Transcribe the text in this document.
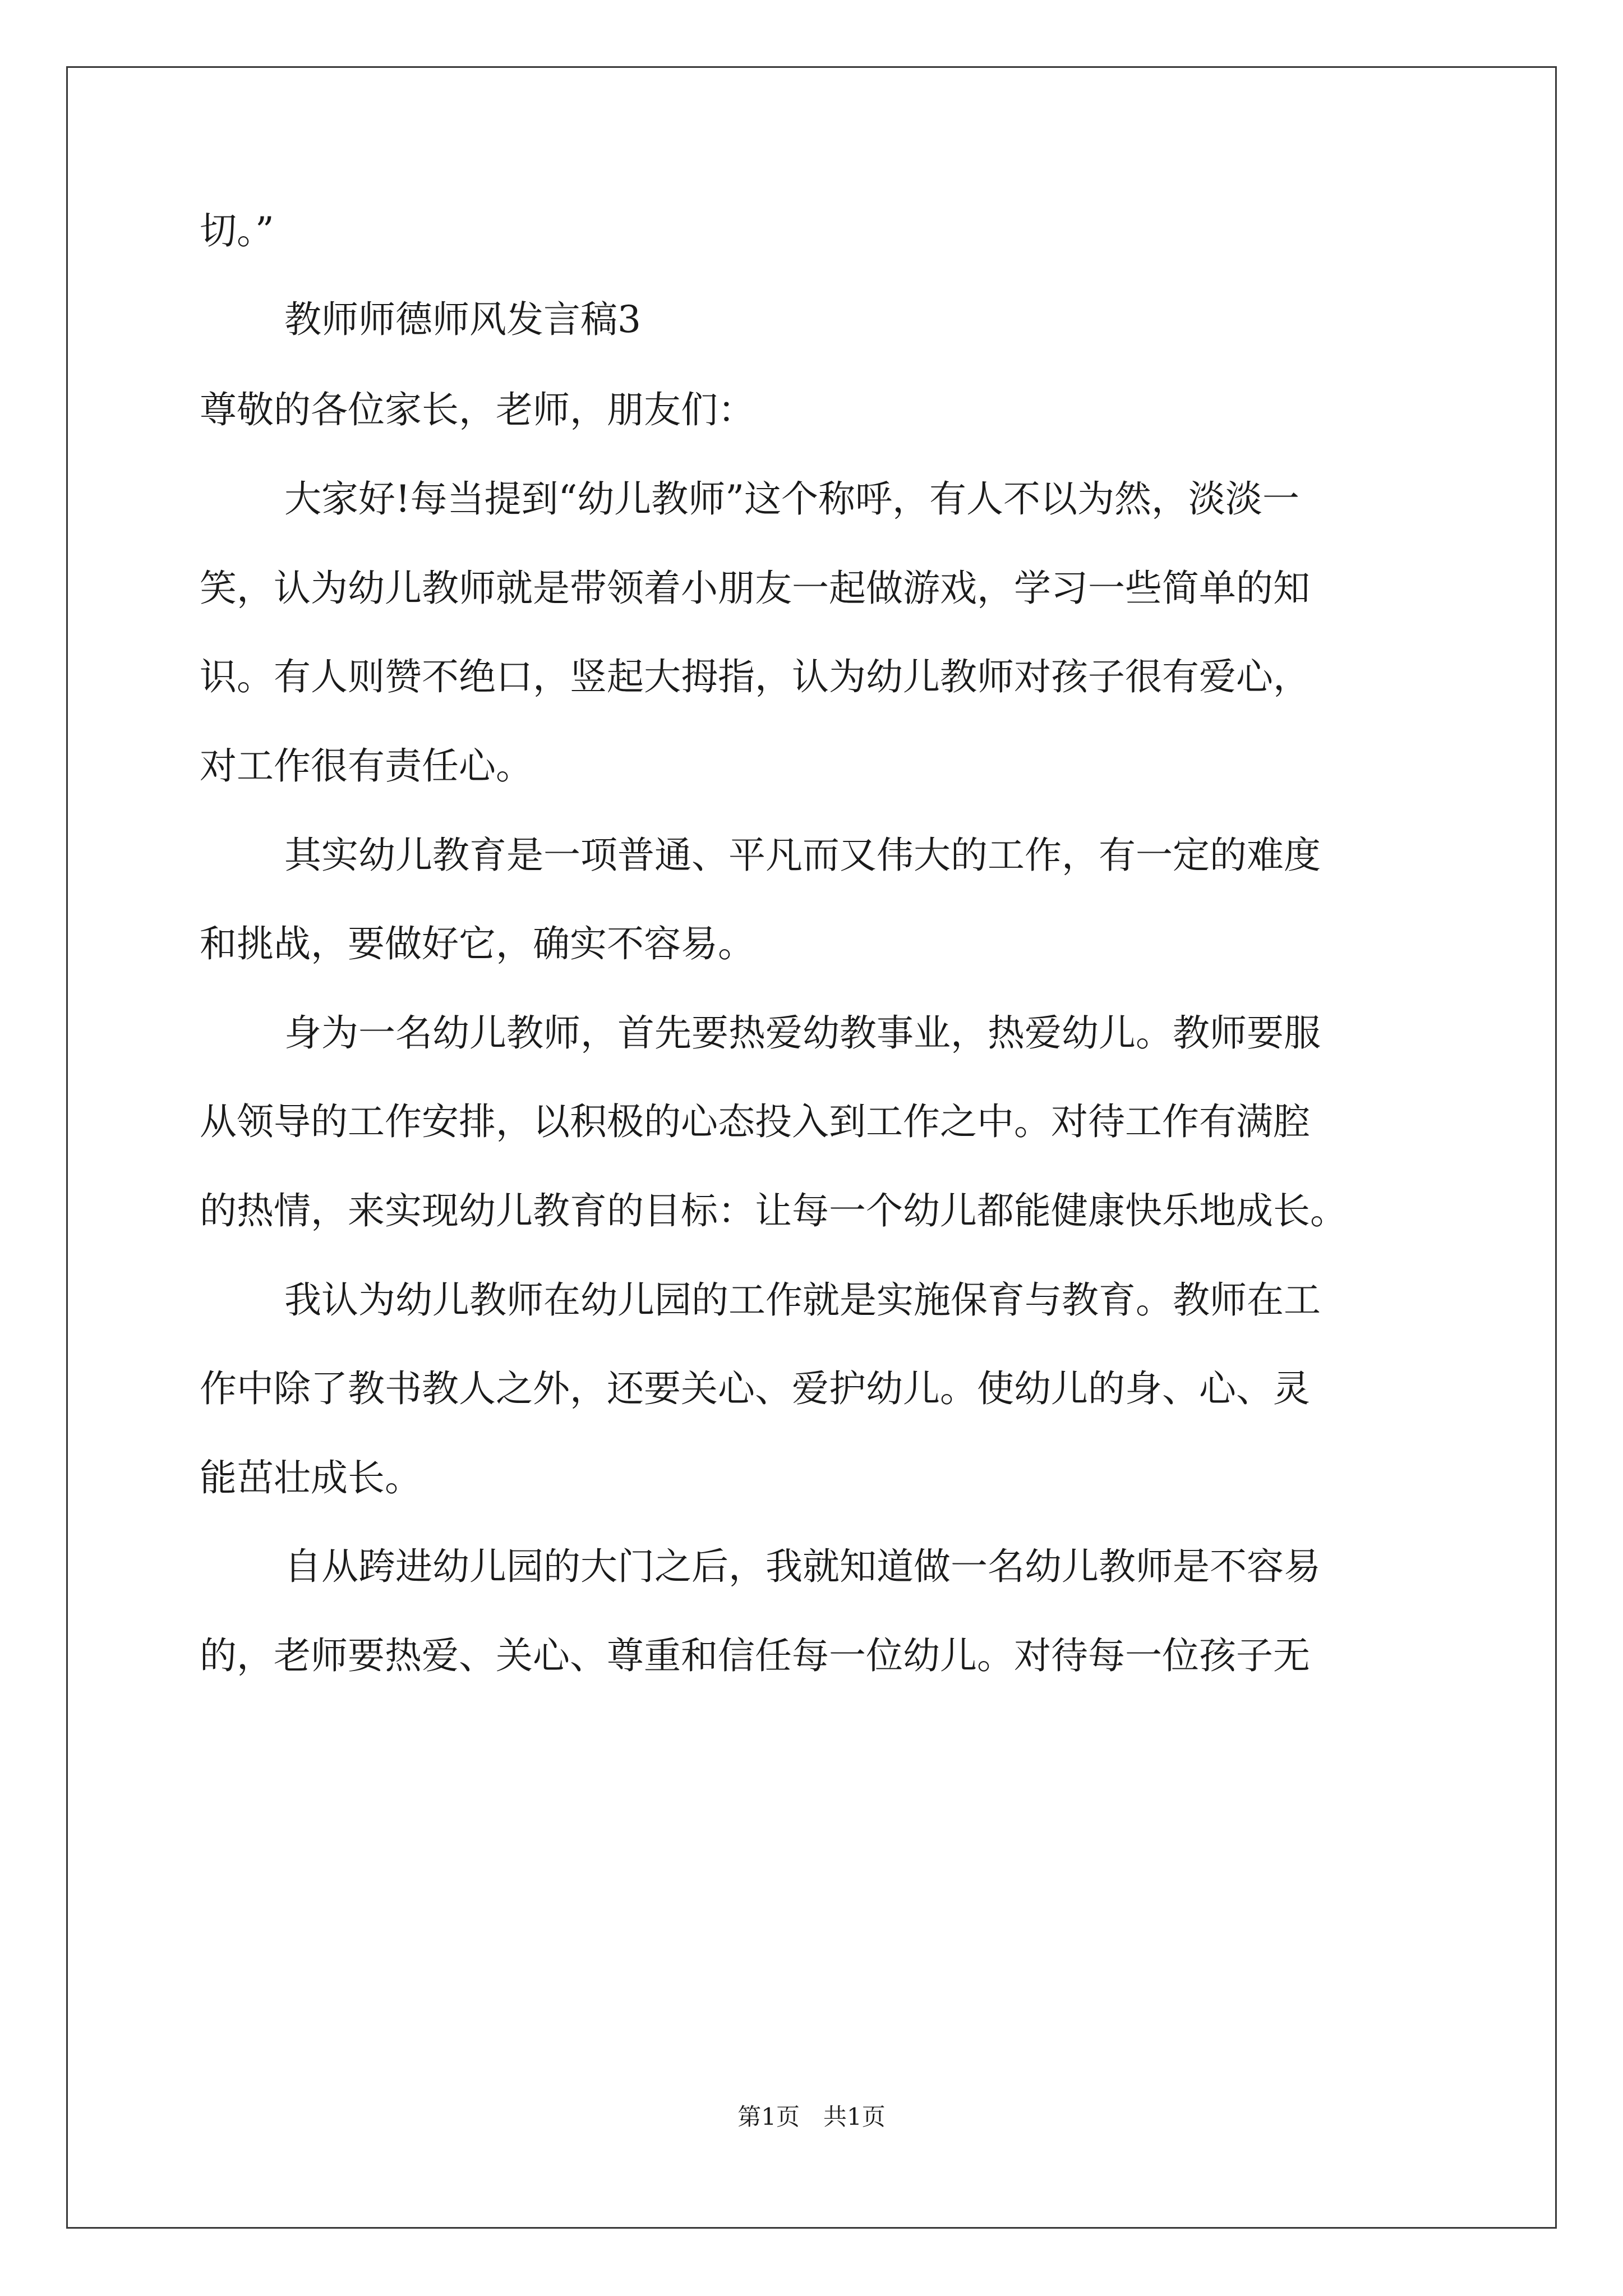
切。”

教师师德师风发言稿3

尊敬的各位家长，老师，朋友们：

大家好!每当提到“幼儿教师”这个称呼，有人不以为然，淡淡一

笑，认为幼儿教师就是带领着小朋友一起做游戏，学习一些简单的知

识。有人则赞不绝口，竖起大拇指，认为幼儿教师对孩子很有爱心，

对工作很有责任心。

其实幼儿教育是一项普通、平凡而又伟大的工作，有一定的难度

和挑战，要做好它，确实不容易。

身为一名幼儿教师，首先要热爱幼教事业，热爱幼儿。教师要服

从领导的工作安排，以积极的心态投入到工作之中。对待工作有满腔

的热情，来实现幼儿教育的目标：让每一个幼儿都能健康快乐地成长。

我认为幼儿教师在幼儿园的工作就是实施保育与教育。教师在工

作中除了教书教人之外，还要关心、爱护幼儿。使幼儿的身、心、灵

能茁壮成长。

自从跨进幼儿园的大门之后，我就知道做一名幼儿教师是不容易

的，老师要热爱、关心、尊重和信任每一位幼儿。对待每一位孩子无

第1页　共1页
